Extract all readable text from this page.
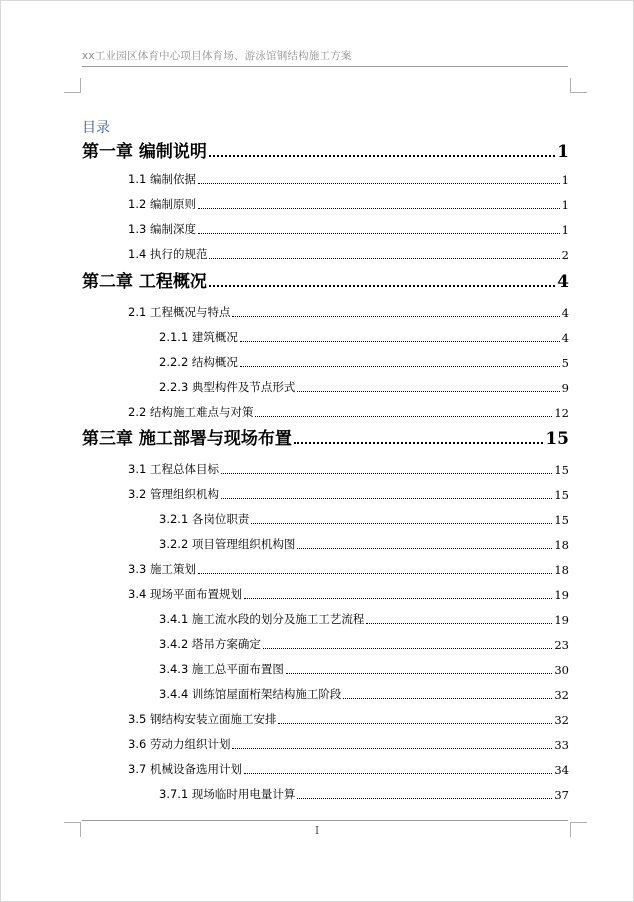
xx工业园区体育中心项目体育场、游泳馆钢结构施工方案
目录
第一章 编制说明	1
1.1 编制依据	1
1.2 编制原则	1
1.3 编制深度	1
1.4 执行的规范	2
第二章 工程概况	4
2.1 工程概况与特点	4
2.1.1 建筑概况	4
2.2.2 结构概况	5
2.2.3 典型构件及节点形式	9
2.2 结构施工难点与对策	12
第三章 施工部署与现场布置	15
3.1 工程总体目标	15
3.2 管理组织机构	15
3.2.1 各岗位职责	15
3.2.2 项目管理组织机构图	18
3.3 施工策划	18
3.4 现场平面布置规划	19
3.4.1 施工流水段的划分及施工工艺流程	19
3.4.2 塔吊方案确定	23
3.4.3 施工总平面布置图	30
3.4.4 训练馆屋面桁架结构施工阶段	32
3.5 钢结构安装立面施工安排	32
3.6 劳动力组织计划	33
3.7 机械设备选用计划	34
3.7.1 现场临时用电量计算	37
I
